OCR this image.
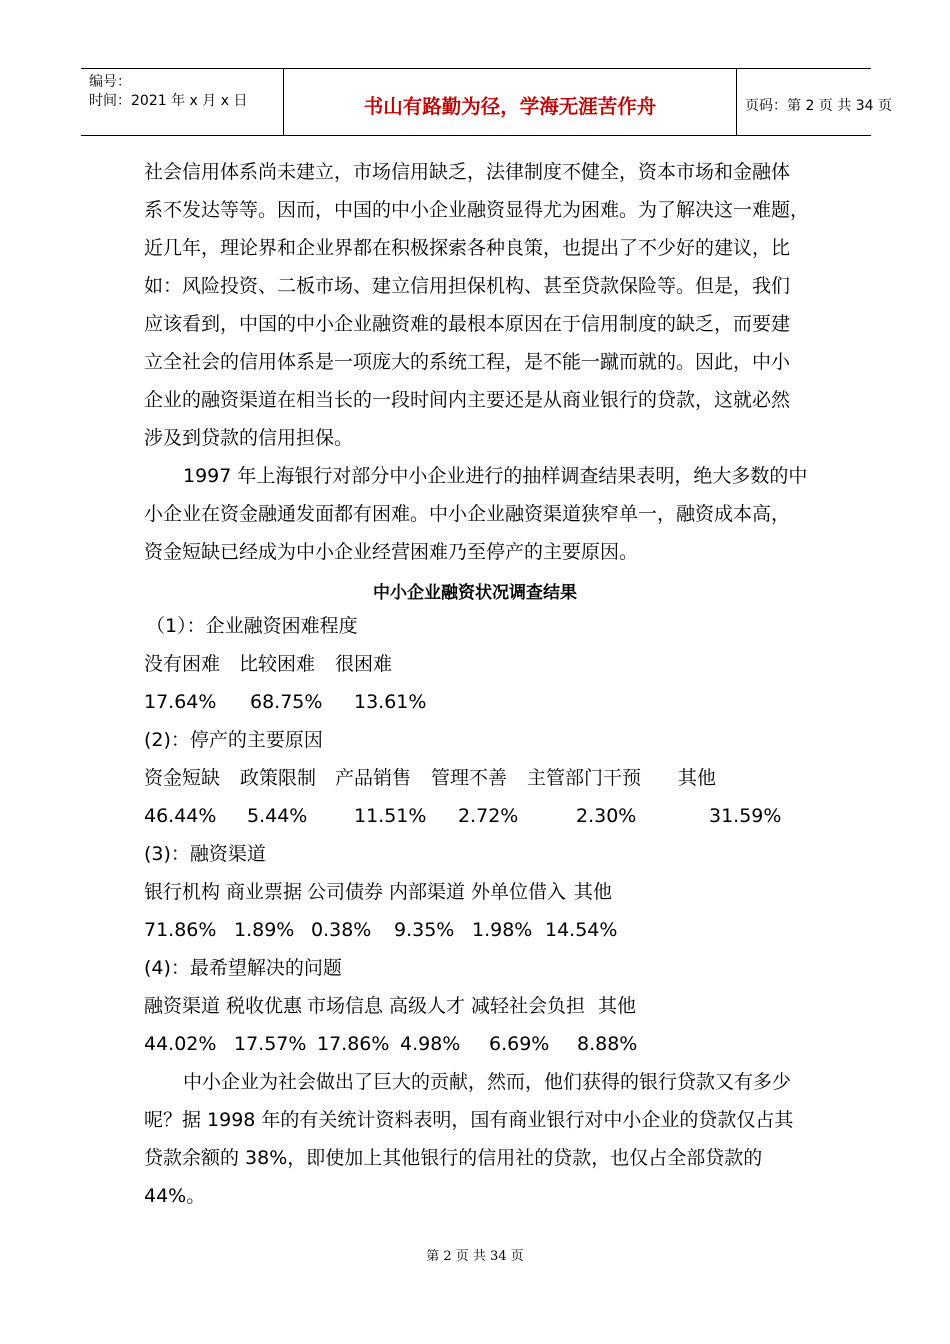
编号：
时间：2021 年 x 月 x 日	书山有路勤为径，学海无涯苦作舟	页码：第 2 页 共 34 页
社会信用体系尚未建立，市场信用缺乏，法律制度不健全，资本市场和金融体
系不发达等等。因而，中国的中小企业融资显得尤为困难。为了解决这一难题，
近几年，理论界和企业界都在积极探索各种良策，也提出了不少好的建议，比
如：风险投资、二板市场、建立信用担保机构、甚至贷款保险等。但是，我们
应该看到，中国的中小企业融资难的最根本原因在于信用制度的缺乏，而要建
立全社会的信用体系是一项庞大的系统工程，是不能一蹴而就的。因此，中小
企业的融资渠道在相当长的一段时间内主要还是从商业银行的贷款，这就必然
涉及到贷款的信用担保。
1997 年上海银行对部分中小企业进行的抽样调查结果表明，绝大多数的中
小企业在资金融通发面都有困难。中小企业融资渠道狭窄单一，融资成本高，
资金短缺已经成为中小企业经营困难乃至停产的主要原因。
中小企业融资状况调查结果
（1）：企业融资困难程度
没有困难 比较困难 很困难
17.64% 68.75% 13.61%
(2)：停产的主要原因
资金短缺 政策限制 产品销售 管理不善 主管部门干预 其他
46.44% 5.44% 11.51% 2.72%	2.30%	31.59%
(3)：融资渠道
银行机构 商业票据 公司债券 内部渠道 外单位借入 其他
71.86% 1.89% 0.38% 9.35% 1.98% 14.54%
(4)：最希望解决的问题
融资渠道 税收优惠 市场信息 高级人才 减轻社会负担 其他
44.02% 17.57% 17.86% 4.98% 6.69% 8.88%
中小企业为社会做出了巨大的贡献，然而，他们获得的银行贷款又有多少
呢？据 1998 年的有关统计资料表明，国有商业银行对中小企业的贷款仅占其
贷款余额的 38%，即使加上其他银行的信用社的贷款，也仅占全部贷款的
44%。
第 2 页 共 34 页
